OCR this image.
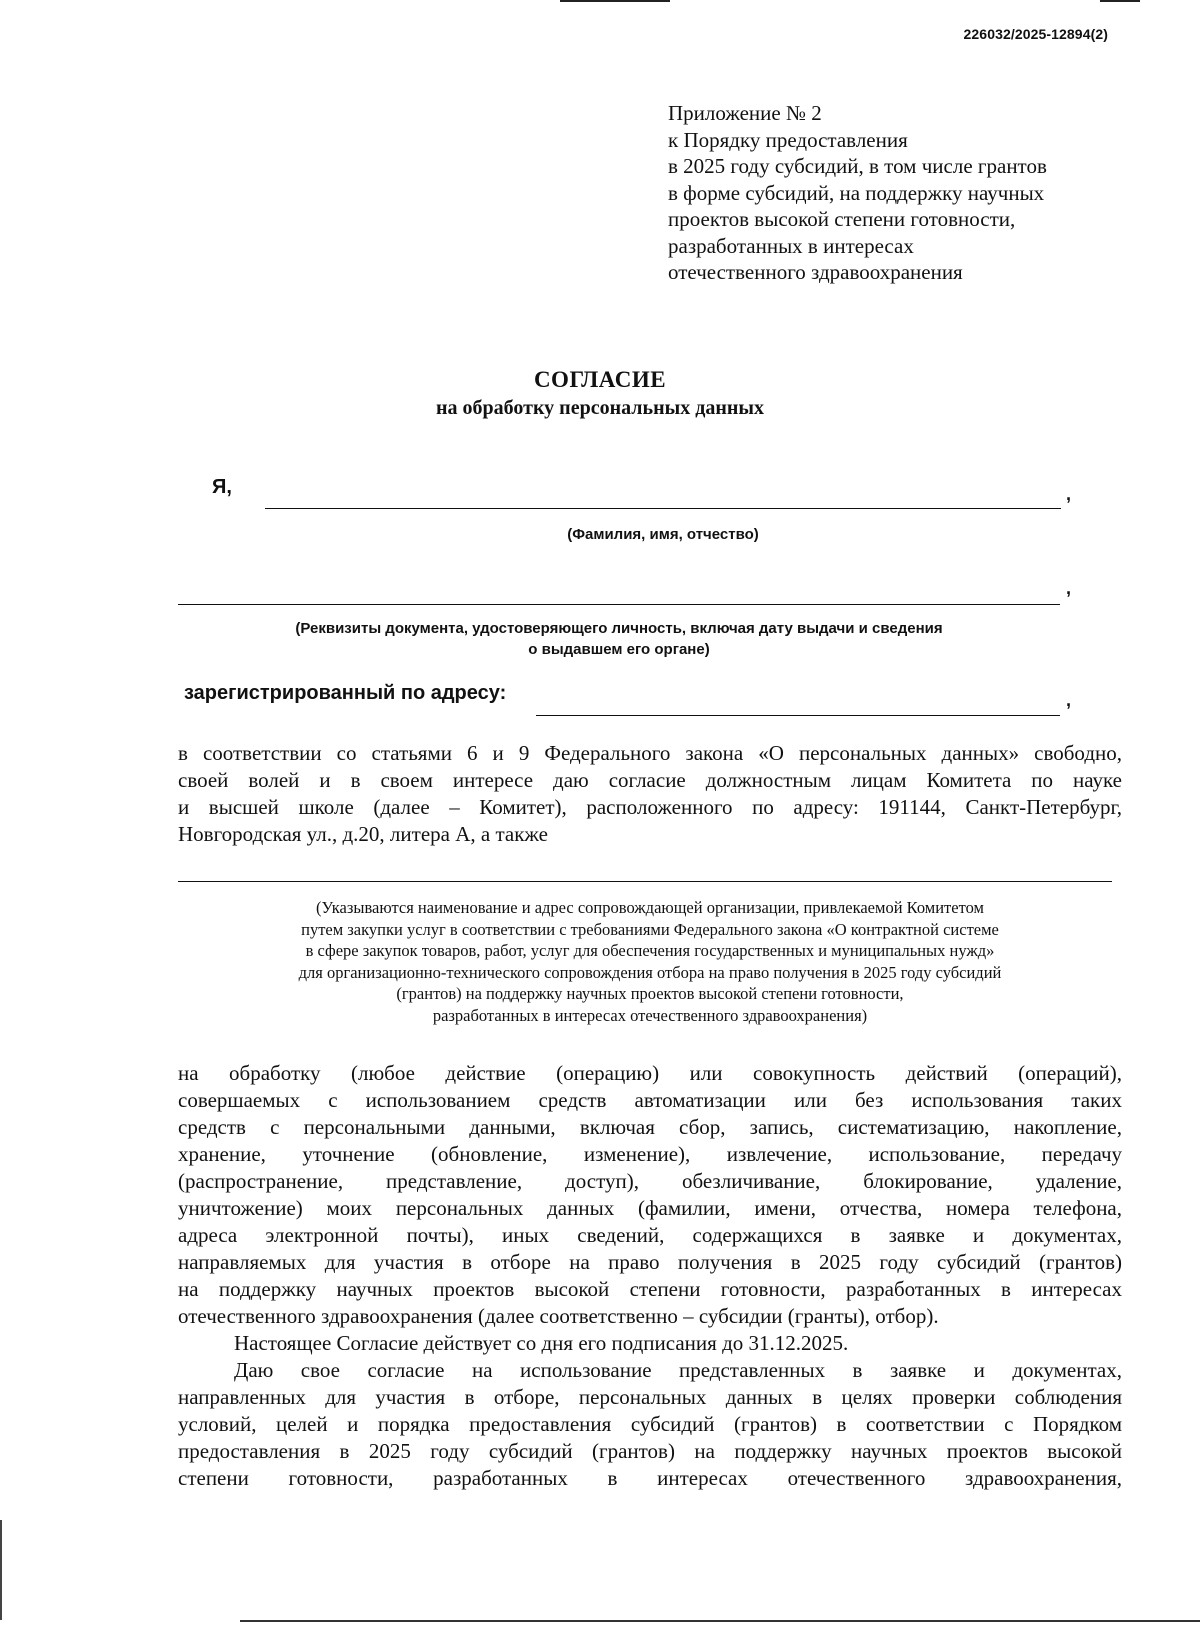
226032/2025-12894(2)
Приложение № 2
к Порядку предоставления
в 2025 году субсидий, в том числе грантов
в форме субсидий, на поддержку научных
проектов высокой степени готовности,
разработанных в интересах
отечественного здравоохранения
СОГЛАСИЕ
на обработку персональных данных
Я,	,
(Фамилия, имя, отчество)
,
(Реквизиты документа, удостоверяющего личность, включая дату выдачи и сведения
о выдавшем его органе)
зарегистрированный по адресу:	,
в соответствии со статьями 6 и 9 Федерального закона «О персональных данных» свободно,
своей волей и в своем интересе даю согласие должностным лицам Комитета по науке
и высшей школе (далее – Комитет), расположенного по адресу: 191144, Санкт-Петербург,
Новгородская ул., д.20, литера А, а также
(Указываются наименование и адрес сопровождающей организации, привлекаемой Комитетом
путем закупки услуг в соответствии с требованиями Федерального закона «О контрактной системе
в сфере закупок товаров, работ, услуг для обеспечения государственных и муниципальных нужд»
для организационно-технического сопровождения отбора на право получения в 2025 году субсидий
(грантов) на поддержку научных проектов высокой степени готовности,
разработанных в интересах отечественного здравоохранения)
на обработку (любое действие (операцию) или совокупность действий (операций),
совершаемых с использованием средств автоматизации или без использования таких
средств с персональными данными, включая сбор, запись, систематизацию, накопление,
хранение, уточнение (обновление, изменение), извлечение, использование, передачу
(распространение, представление, доступ), обезличивание, блокирование, удаление,
уничтожение) моих персональных данных (фамилии, имени, отчества, номера телефона,
адреса электронной почты), иных сведений, содержащихся в заявке и документах,
направляемых для участия в отборе на право получения в 2025 году субсидий (грантов)
на поддержку научных проектов высокой степени готовности, разработанных в интересах
отечественного здравоохранения (далее соответственно – субсидии (гранты), отбор).
Настоящее Согласие действует со дня его подписания до 31.12.2025.
Даю свое согласие на использование представленных в заявке и документах,
направленных для участия в отборе, персональных данных в целях проверки соблюдения
условий, целей и порядка предоставления субсидий (грантов) в соответствии с Порядком
предоставления в 2025 году субсидий (грантов) на поддержку научных проектов высокой
степени готовности, разработанных в интересах отечественного здравоохранения,
